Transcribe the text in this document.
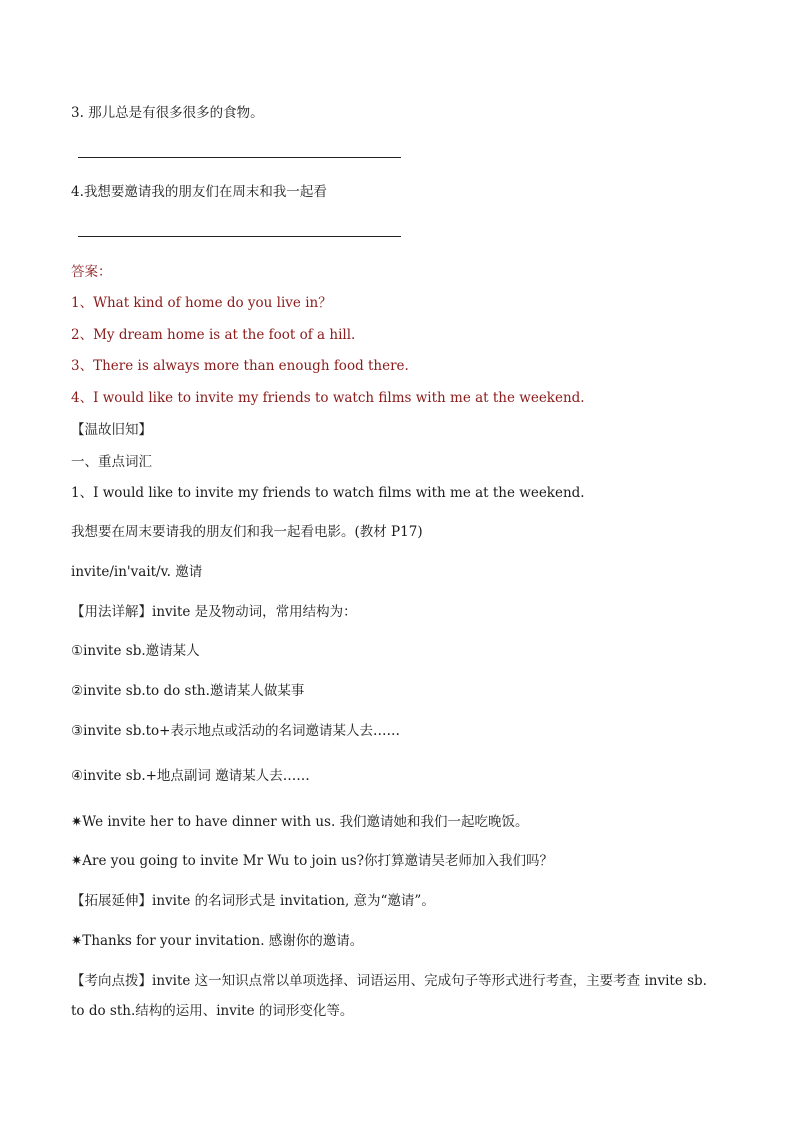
3. 那儿总是有很多很多的食物。
4.我想要邀请我的朋友们在周末和我一起看
答案：
1、What kind of home do you live in？
2、My dream home is at the foot of a hill.
3、There is always more than enough food there.
4、I would like to invite my friends to watch films with me at the weekend.
【温故旧知】
一、重点词汇
1、I would like to invite my friends to watch films with me at the weekend.
我想要在周末要请我的朋友们和我一起看电影。(教材 P17)
invite/in'vait/v. 邀请
【用法详解】invite 是及物动词，常用结构为：
①invite sb.邀请某人
②invite sb.to do sth.邀请某人做某事
③invite sb.to+表示地点或活动的名词邀请某人去……
④invite sb.+地点副词 邀请某人去……
✷We invite her to have dinner with us. 我们邀请她和我们一起吃晚饭。
✷Are you going to invite Mr Wu to join us?你打算邀请吴老师加入我们吗？
【拓展延伸】invite 的名词形式是 invitation, 意为“邀请”。
✷Thanks for your invitation. 感谢你的邀请。
【考向点拨】invite 这一知识点常以单项选择、词语运用、完成句子等形式进行考查，主要考查 invite sb. to do sth.结构的运用、invite 的词形变化等。
